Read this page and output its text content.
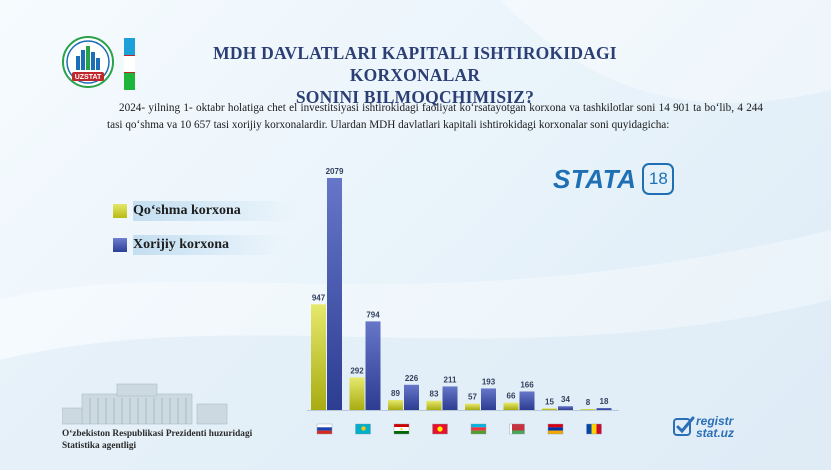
UZSTAT
MDH DAVLATLARI KAPITALI ISHTIROKIDAGI KORXONALAR
SONINI BILMOQCHIMISIZ?
2024- yilning 1- oktabr holatiga chet el investitsiyasi ishtirokidagi faoliyat ko‘rsatayotgan korxona va tashkilotlar soni 14 901 ta bo‘lib, 4 244 tasi qo‘shma va 10 657 tasi xorijiy korxonalardir. Ulardan MDH davlatlari kapitali ishtirokidagi korxonalar soni quyidagicha:
Qo‘shma korxona
Xorijiy korxona
STATA 18
947
2079
292
794
89
226
83
211
57
193
66
166
15 34 8 18
O‘zbekiston Respublikasi Prezidenti huzuridagi
Statistika agentligi
registr
stat.uz
